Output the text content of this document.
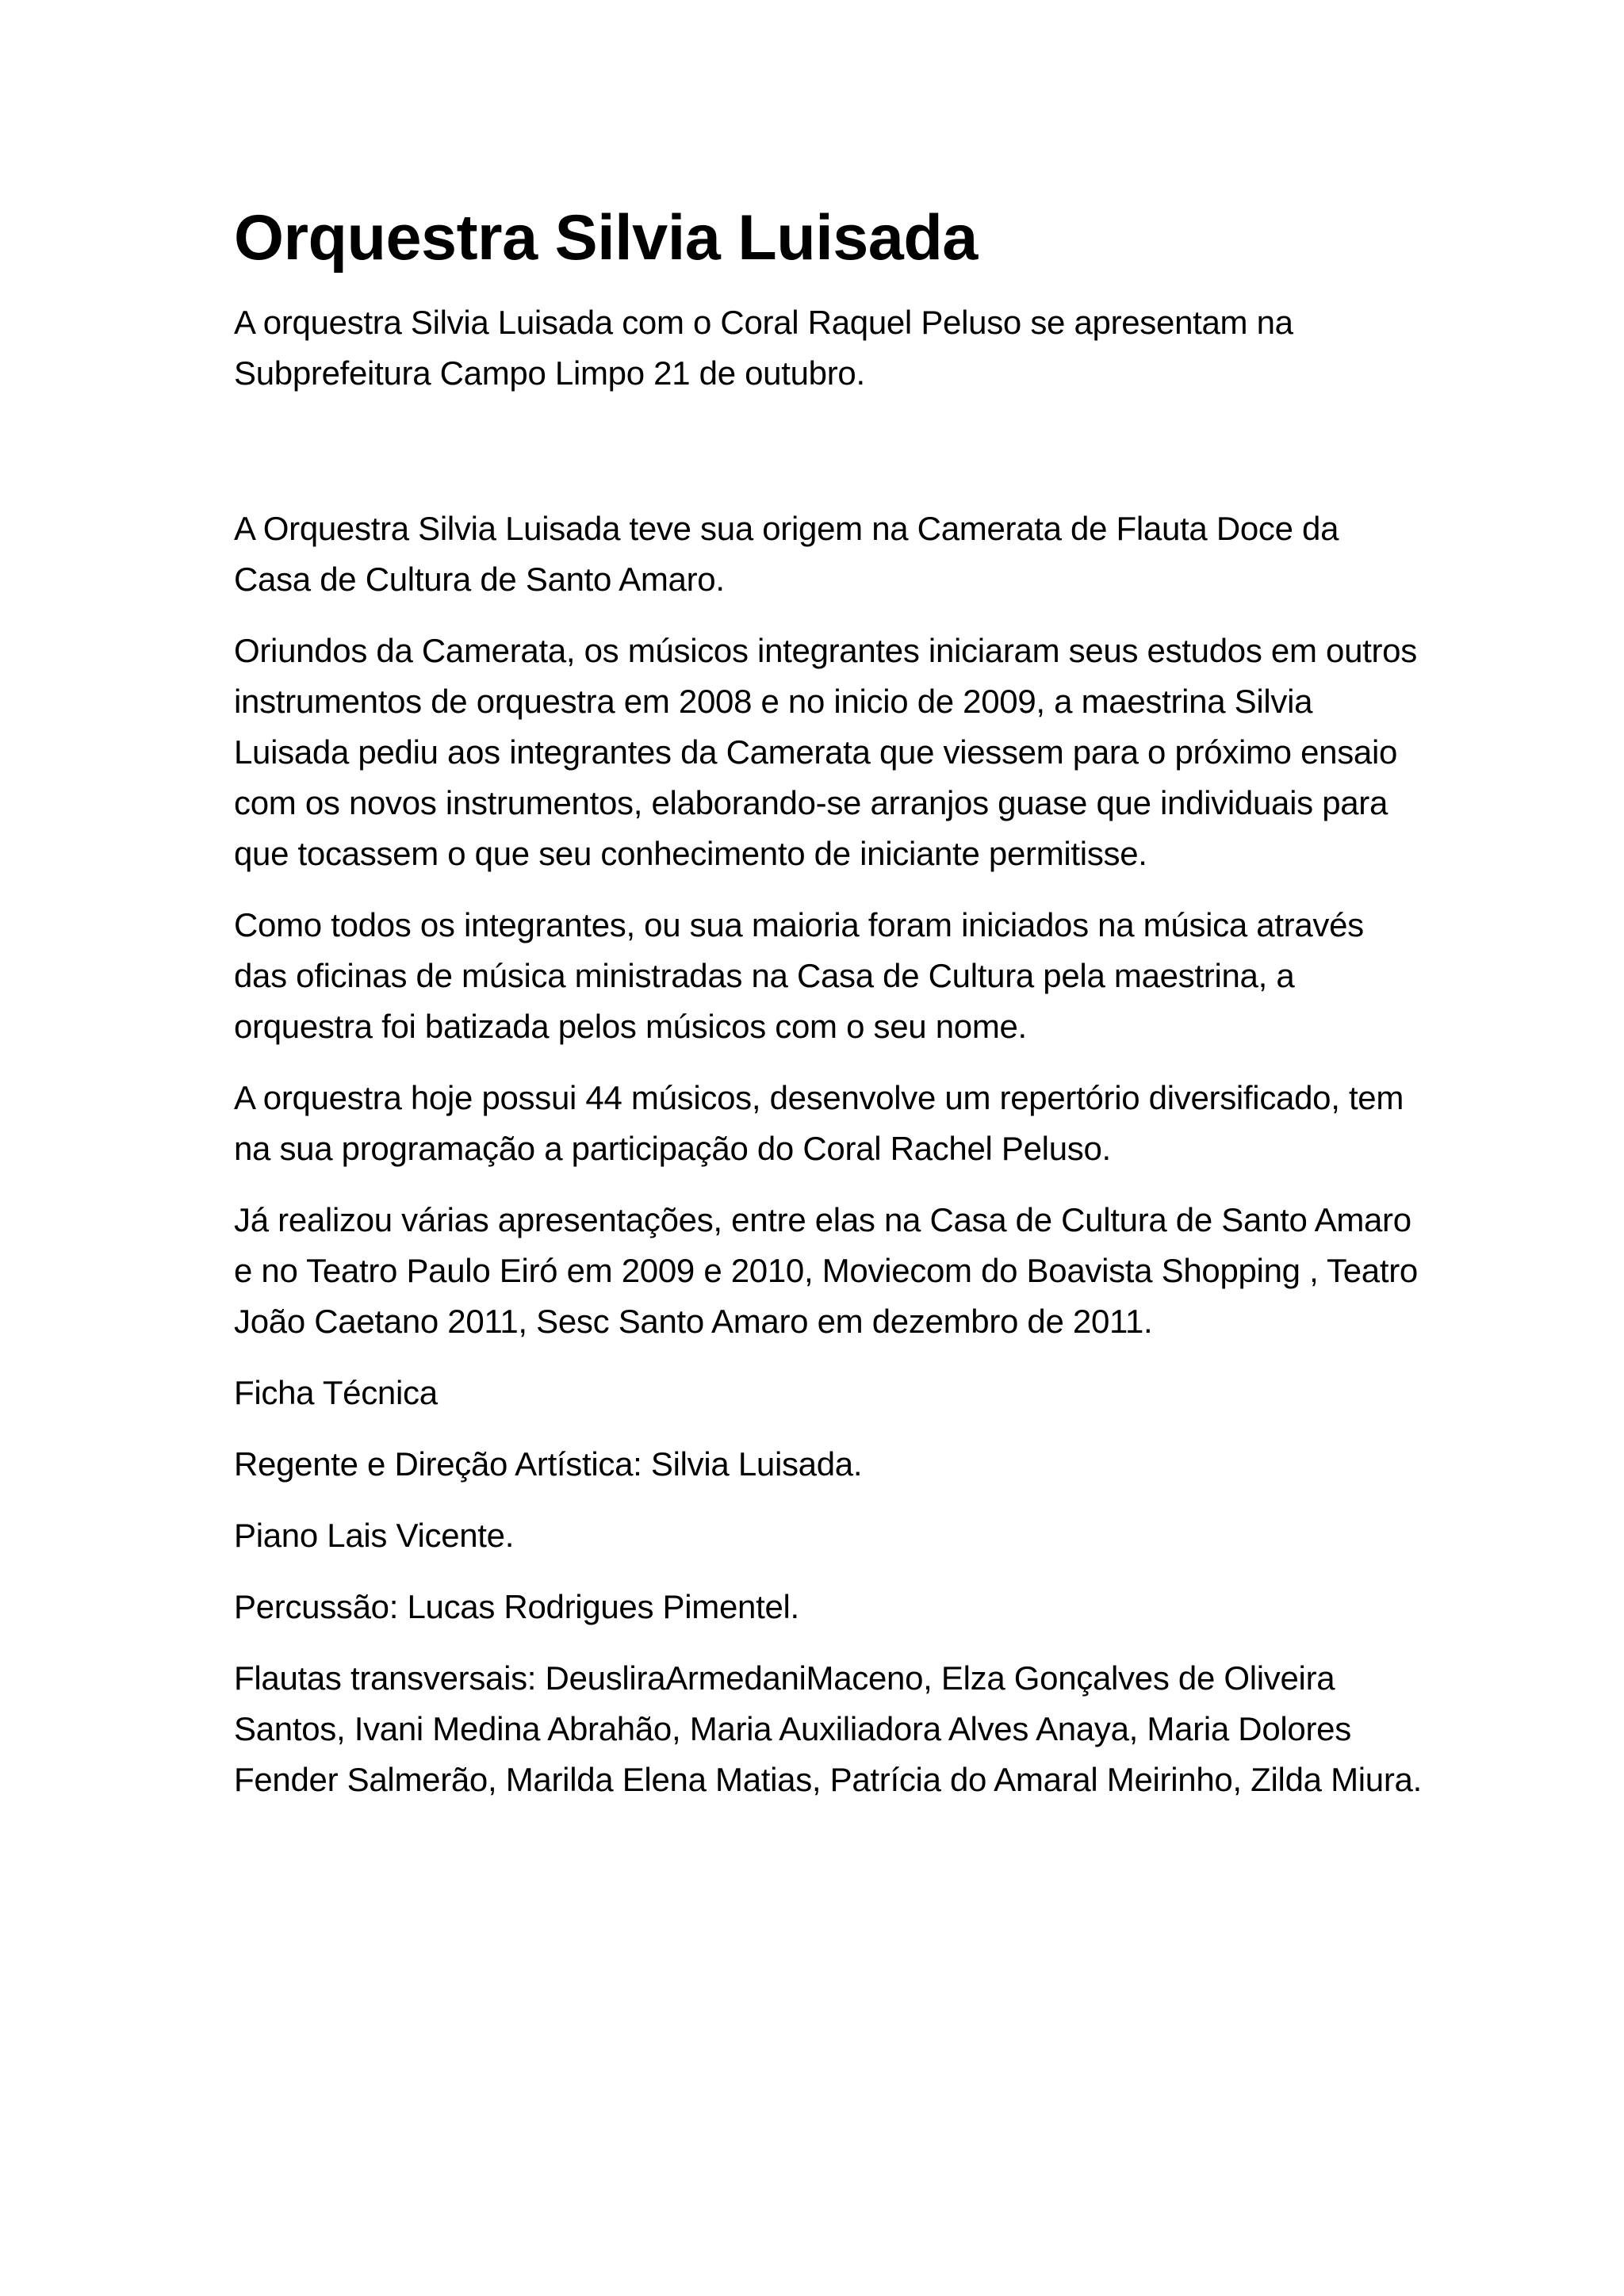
Orquestra Silvia Luisada

A orquestra Silvia Luisada com o Coral Raquel Peluso se apresentam na Subprefeitura Campo Limpo 21 de outubro.

A Orquestra Silvia Luisada teve sua origem na Camerata de Flauta Doce da Casa de Cultura de Santo Amaro.

Oriundos da Camerata, os músicos integrantes iniciaram seus estudos em outros instrumentos de orquestra em 2008 e no inicio de 2009, a maestrina Silvia Luisada pediu aos integrantes da Camerata que viessem para o próximo ensaio com os novos instrumentos, elaborando-se arranjos guase que individuais para que tocassem o que seu conhecimento de iniciante permitisse.

Como todos os integrantes, ou sua maioria foram iniciados na música através das oficinas de música ministradas na Casa de Cultura pela maestrina, a orquestra foi batizada pelos músicos com o seu nome.

A orquestra hoje possui 44 músicos, desenvolve um repertório diversificado, tem na sua programação a participação do Coral Rachel Peluso.

Já realizou várias apresentações, entre elas na Casa de Cultura de Santo Amaro e no Teatro Paulo Eiró em 2009 e 2010, Moviecom do Boavista Shopping , Teatro João Caetano 2011, Sesc Santo Amaro em dezembro de 2011.

Ficha Técnica

Regente e Direção Artística: Silvia Luisada.

Piano Lais Vicente.

Percussão: Lucas Rodrigues Pimentel.

Flautas transversais: DeusliraArmedaniMaceno, Elza Gonçalves de Oliveira Santos, Ivani Medina Abrahão, Maria Auxiliadora Alves Anaya, Maria Dolores Fender Salmerão, Marilda Elena Matias, Patrícia do Amaral Meirinho, Zilda Miura.
